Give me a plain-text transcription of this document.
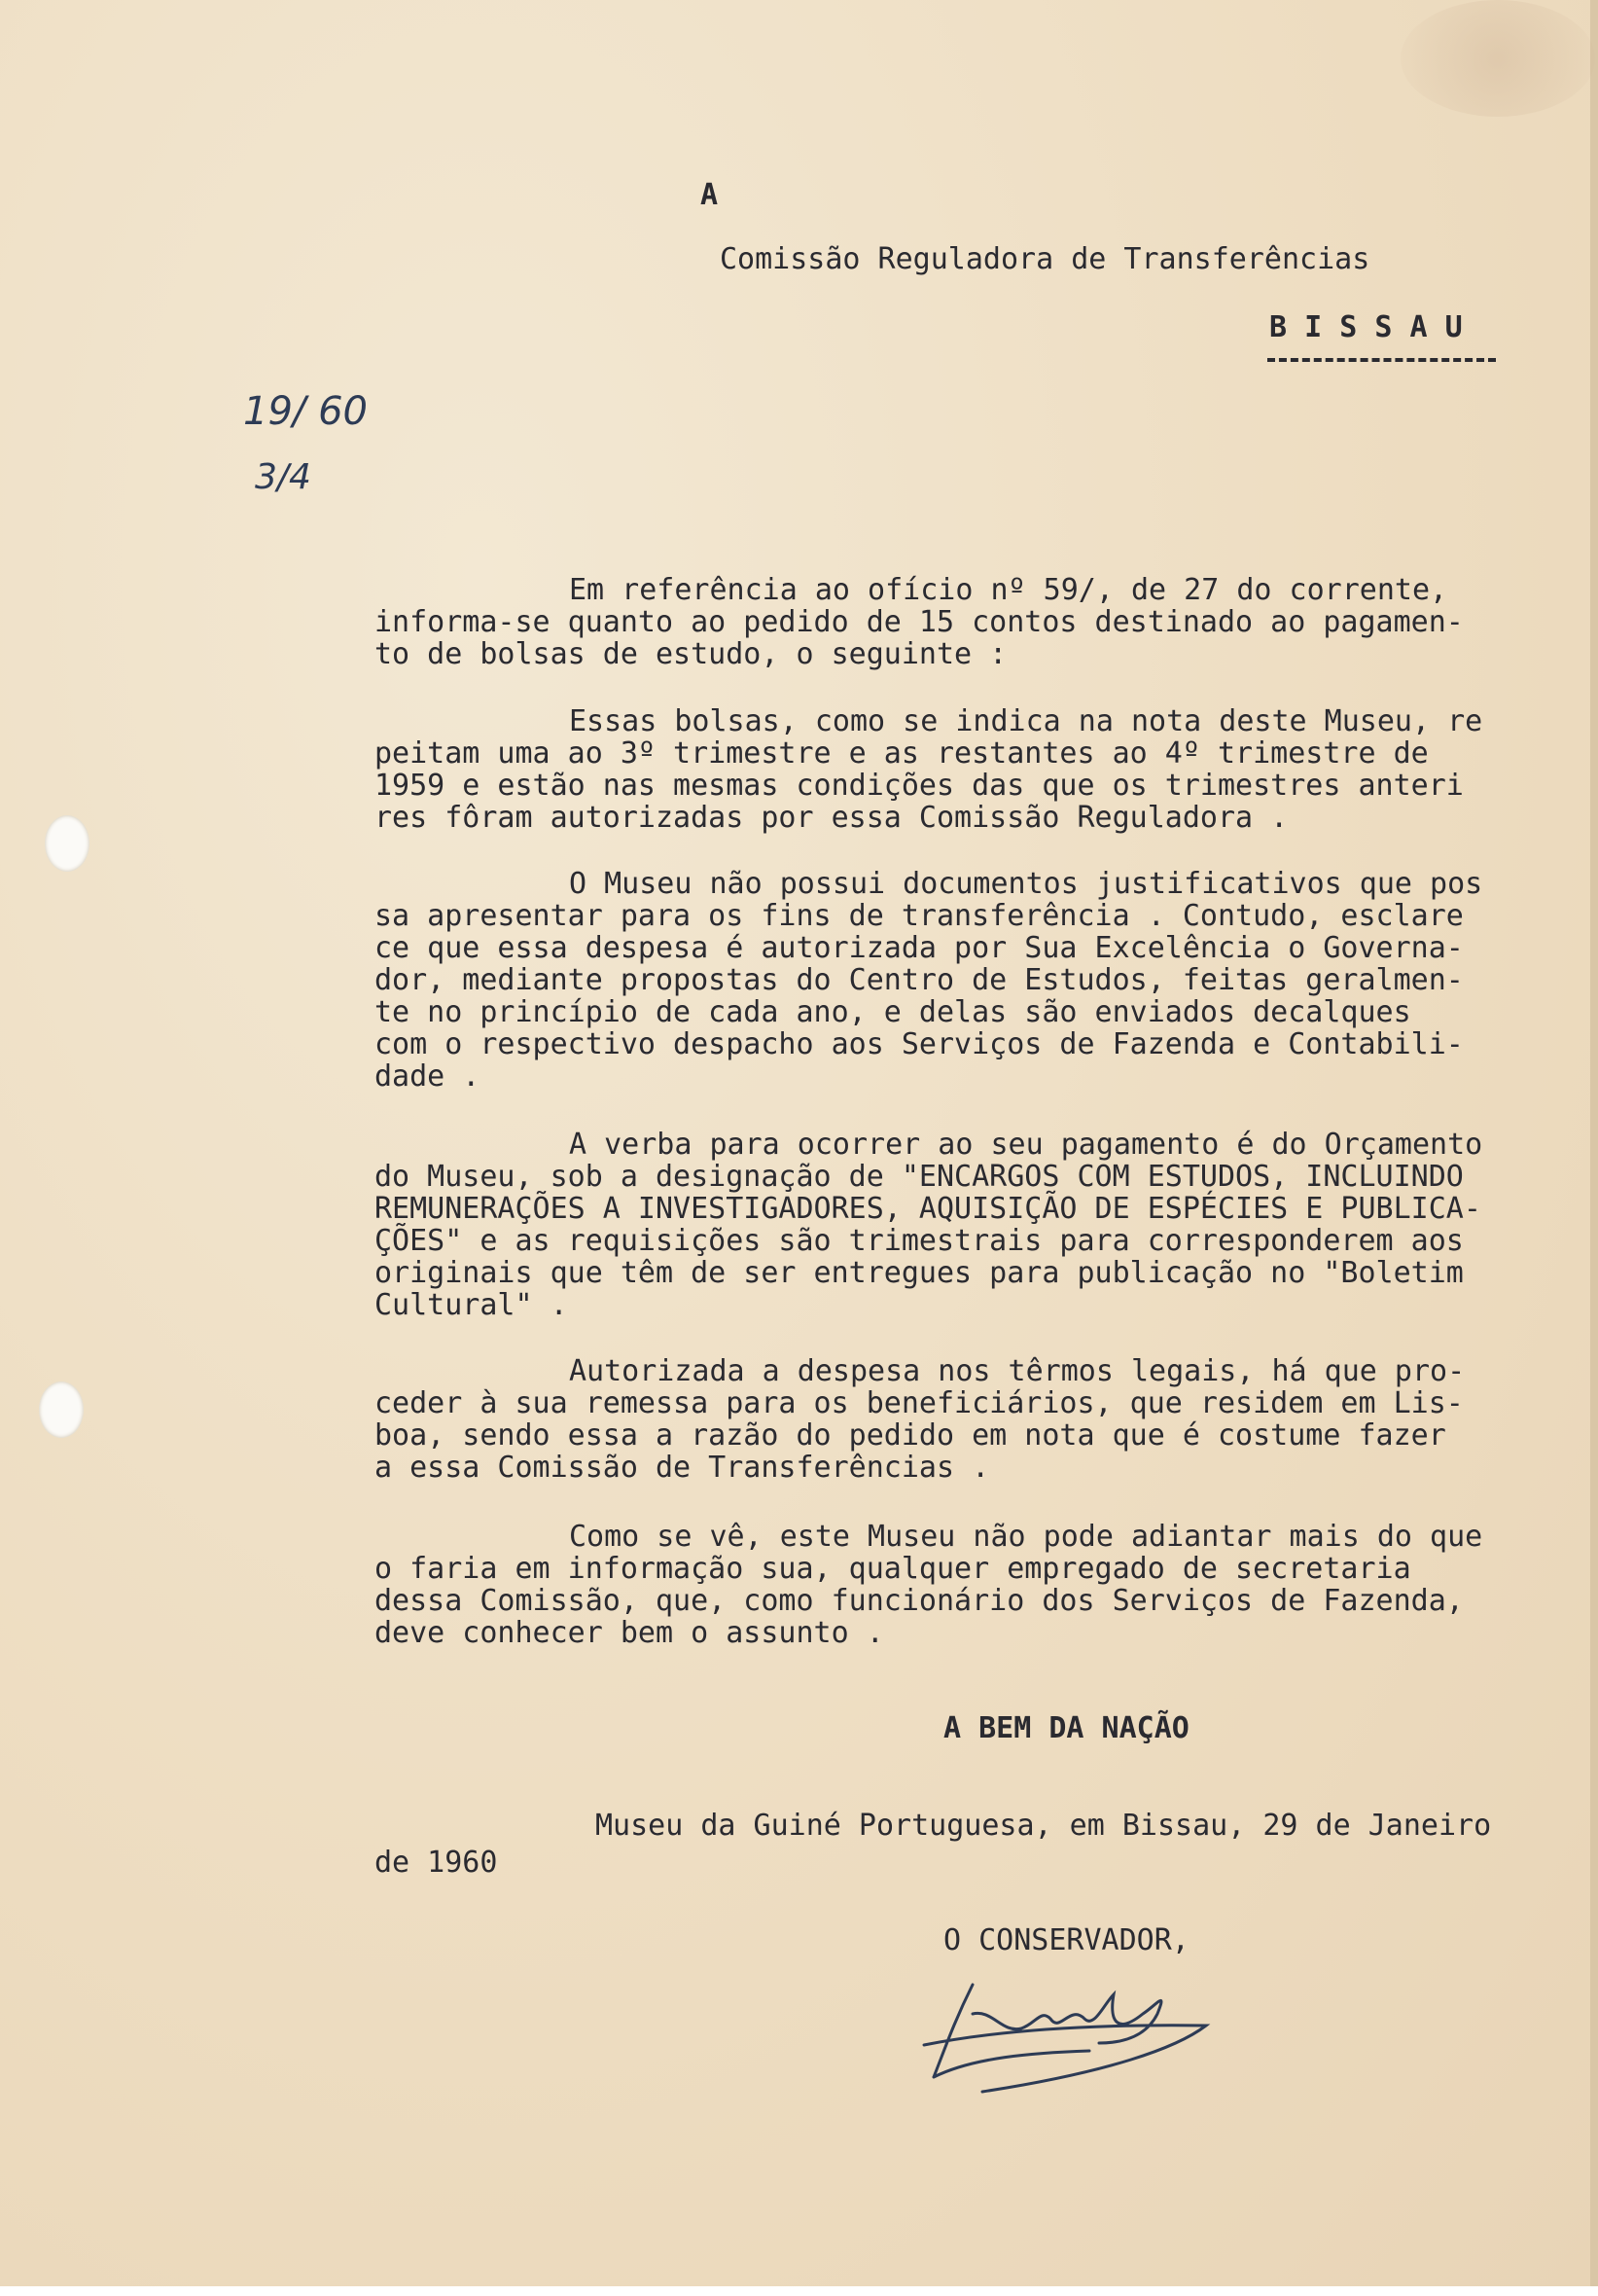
A
Comissão Reguladora de Transferências
B I S S A U
19/ 60
3/4
Em referência ao ofício nº 59/, de 27 do corrente,
informa-se quanto ao pedido de 15 contos destinado ao pagamen-
to de bolsas de estudo, o seguinte :
Essas bolsas, como se indica na nota deste Museu, re
peitam uma ao 3º trimestre e as restantes ao 4º trimestre de
1959 e estão nas mesmas condições das que os trimestres anteri
res fôram autorizadas por essa Comissão Reguladora .
O Museu não possui documentos justificativos que pos
sa apresentar para os fins de transferência . Contudo, esclare
ce que essa despesa é autorizada por Sua Excelência o Governa-
dor, mediante propostas do Centro de Estudos, feitas geralmen-
te no princípio de cada ano, e delas são enviados decalques
com o respectivo despacho aos Serviços de Fazenda e Contabili-
dade .
A verba para ocorrer ao seu pagamento é do Orçamento
do Museu, sob a designação de "ENCARGOS COM ESTUDOS, INCLUINDO
REMUNERAÇÕES A INVESTIGADORES, AQUISIÇÃO DE ESPÉCIES E PUBLICA-
ÇÕES" e as requisições são trimestrais para corresponderem aos
originais que têm de ser entregues para publicação no "Boletim
Cultural" .
Autorizada a despesa nos têrmos legais, há que pro-
ceder à sua remessa para os beneficiários, que residem em Lis-
boa, sendo essa a razão do pedido em nota que é costume fazer
a essa Comissão de Transferências .
Como se vê, este Museu não pode adiantar mais do que
o faria em informação sua, qualquer empregado de secretaria
dessa Comissão, que, como funcionário dos Serviços de Fazenda,
deve conhecer bem o assunto .
A BEM DA NAÇÃO
Museu da Guiné Portuguesa, em Bissau, 29 de Janeiro
de 1960
O CONSERVADOR,
